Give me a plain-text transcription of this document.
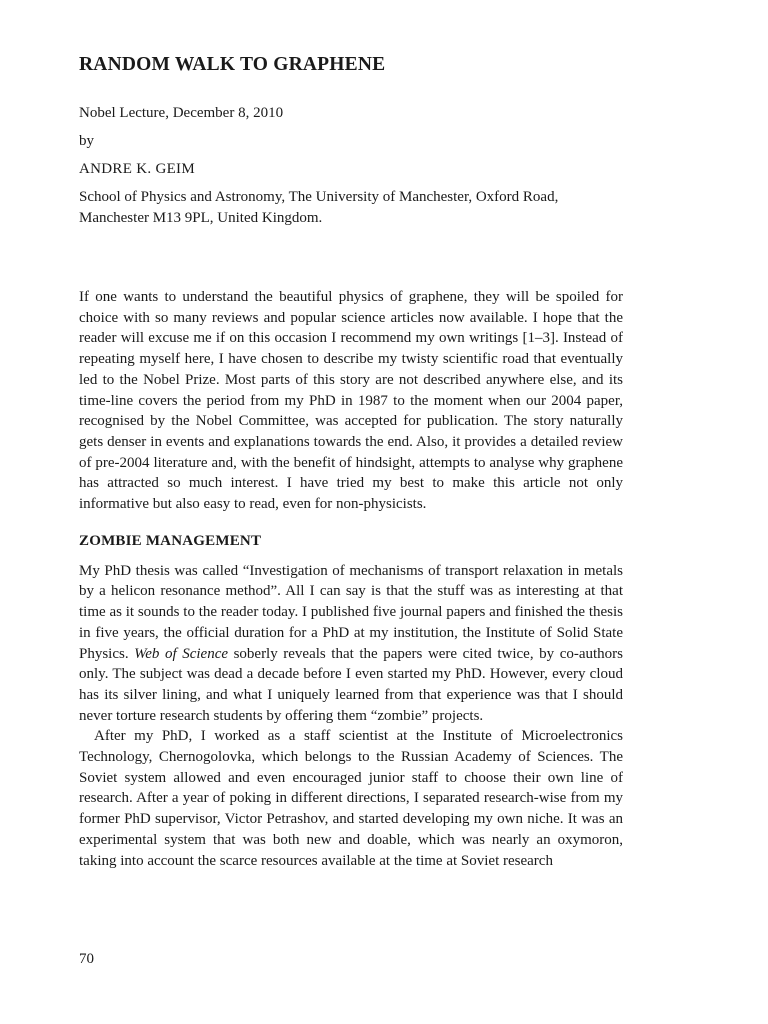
RANDOM WALK TO GRAPHENE

Nobel Lecture, December 8, 2010

by

ANDRE K. GEIM

School of Physics and Astronomy, The University of Manchester, Oxford Road, Manchester M13 9PL, United Kingdom.

If one wants to understand the beautiful physics of graphene, they will be spoiled for choice with so many reviews and popular science articles now available. I hope that the reader will excuse me if on this occasion I recommend my own writings [1–3]. Instead of repeating myself here, I have chosen to describe my twisty scientific road that eventually led to the Nobel Prize. Most parts of this story are not described anywhere else, and its time-line covers the period from my PhD in 1987 to the moment when our 2004 paper, recognised by the Nobel Committee, was accepted for publication. The story naturally gets denser in events and explanations towards the end. Also, it provides a detailed review of pre-2004 literature and, with the benefit of hindsight, attempts to analyse why graphene has attracted so much interest. I have tried my best to make this article not only informative but also easy to read, even for non-physicists.

ZOMBIE MANAGEMENT

My PhD thesis was called “Investigation of mechanisms of transport relaxation in metals by a helicon resonance method”. All I can say is that the stuff was as interesting at that time as it sounds to the reader today. I published five journal papers and finished the thesis in five years, the official duration for a PhD at my institution, the Institute of Solid State Physics. Web of Science soberly reveals that the papers were cited twice, by co-authors only. The subject was dead a decade before I even started my PhD. However, every cloud has its silver lining, and what I uniquely learned from that experience was that I should never torture research students by offering them “zombie” projects.

After my PhD, I worked as a staff scientist at the Institute of Microelectronics Technology, Chernogolovka, which belongs to the Russian Academy of Sciences. The Soviet system allowed and even encouraged junior staff to choose their own line of research. After a year of poking in different directions, I separated research-wise from my former PhD supervisor, Victor Petrashov, and started developing my own niche. It was an experimental system that was both new and doable, which was nearly an oxymoron, taking into account the scarce resources available at the time at Soviet research

70
